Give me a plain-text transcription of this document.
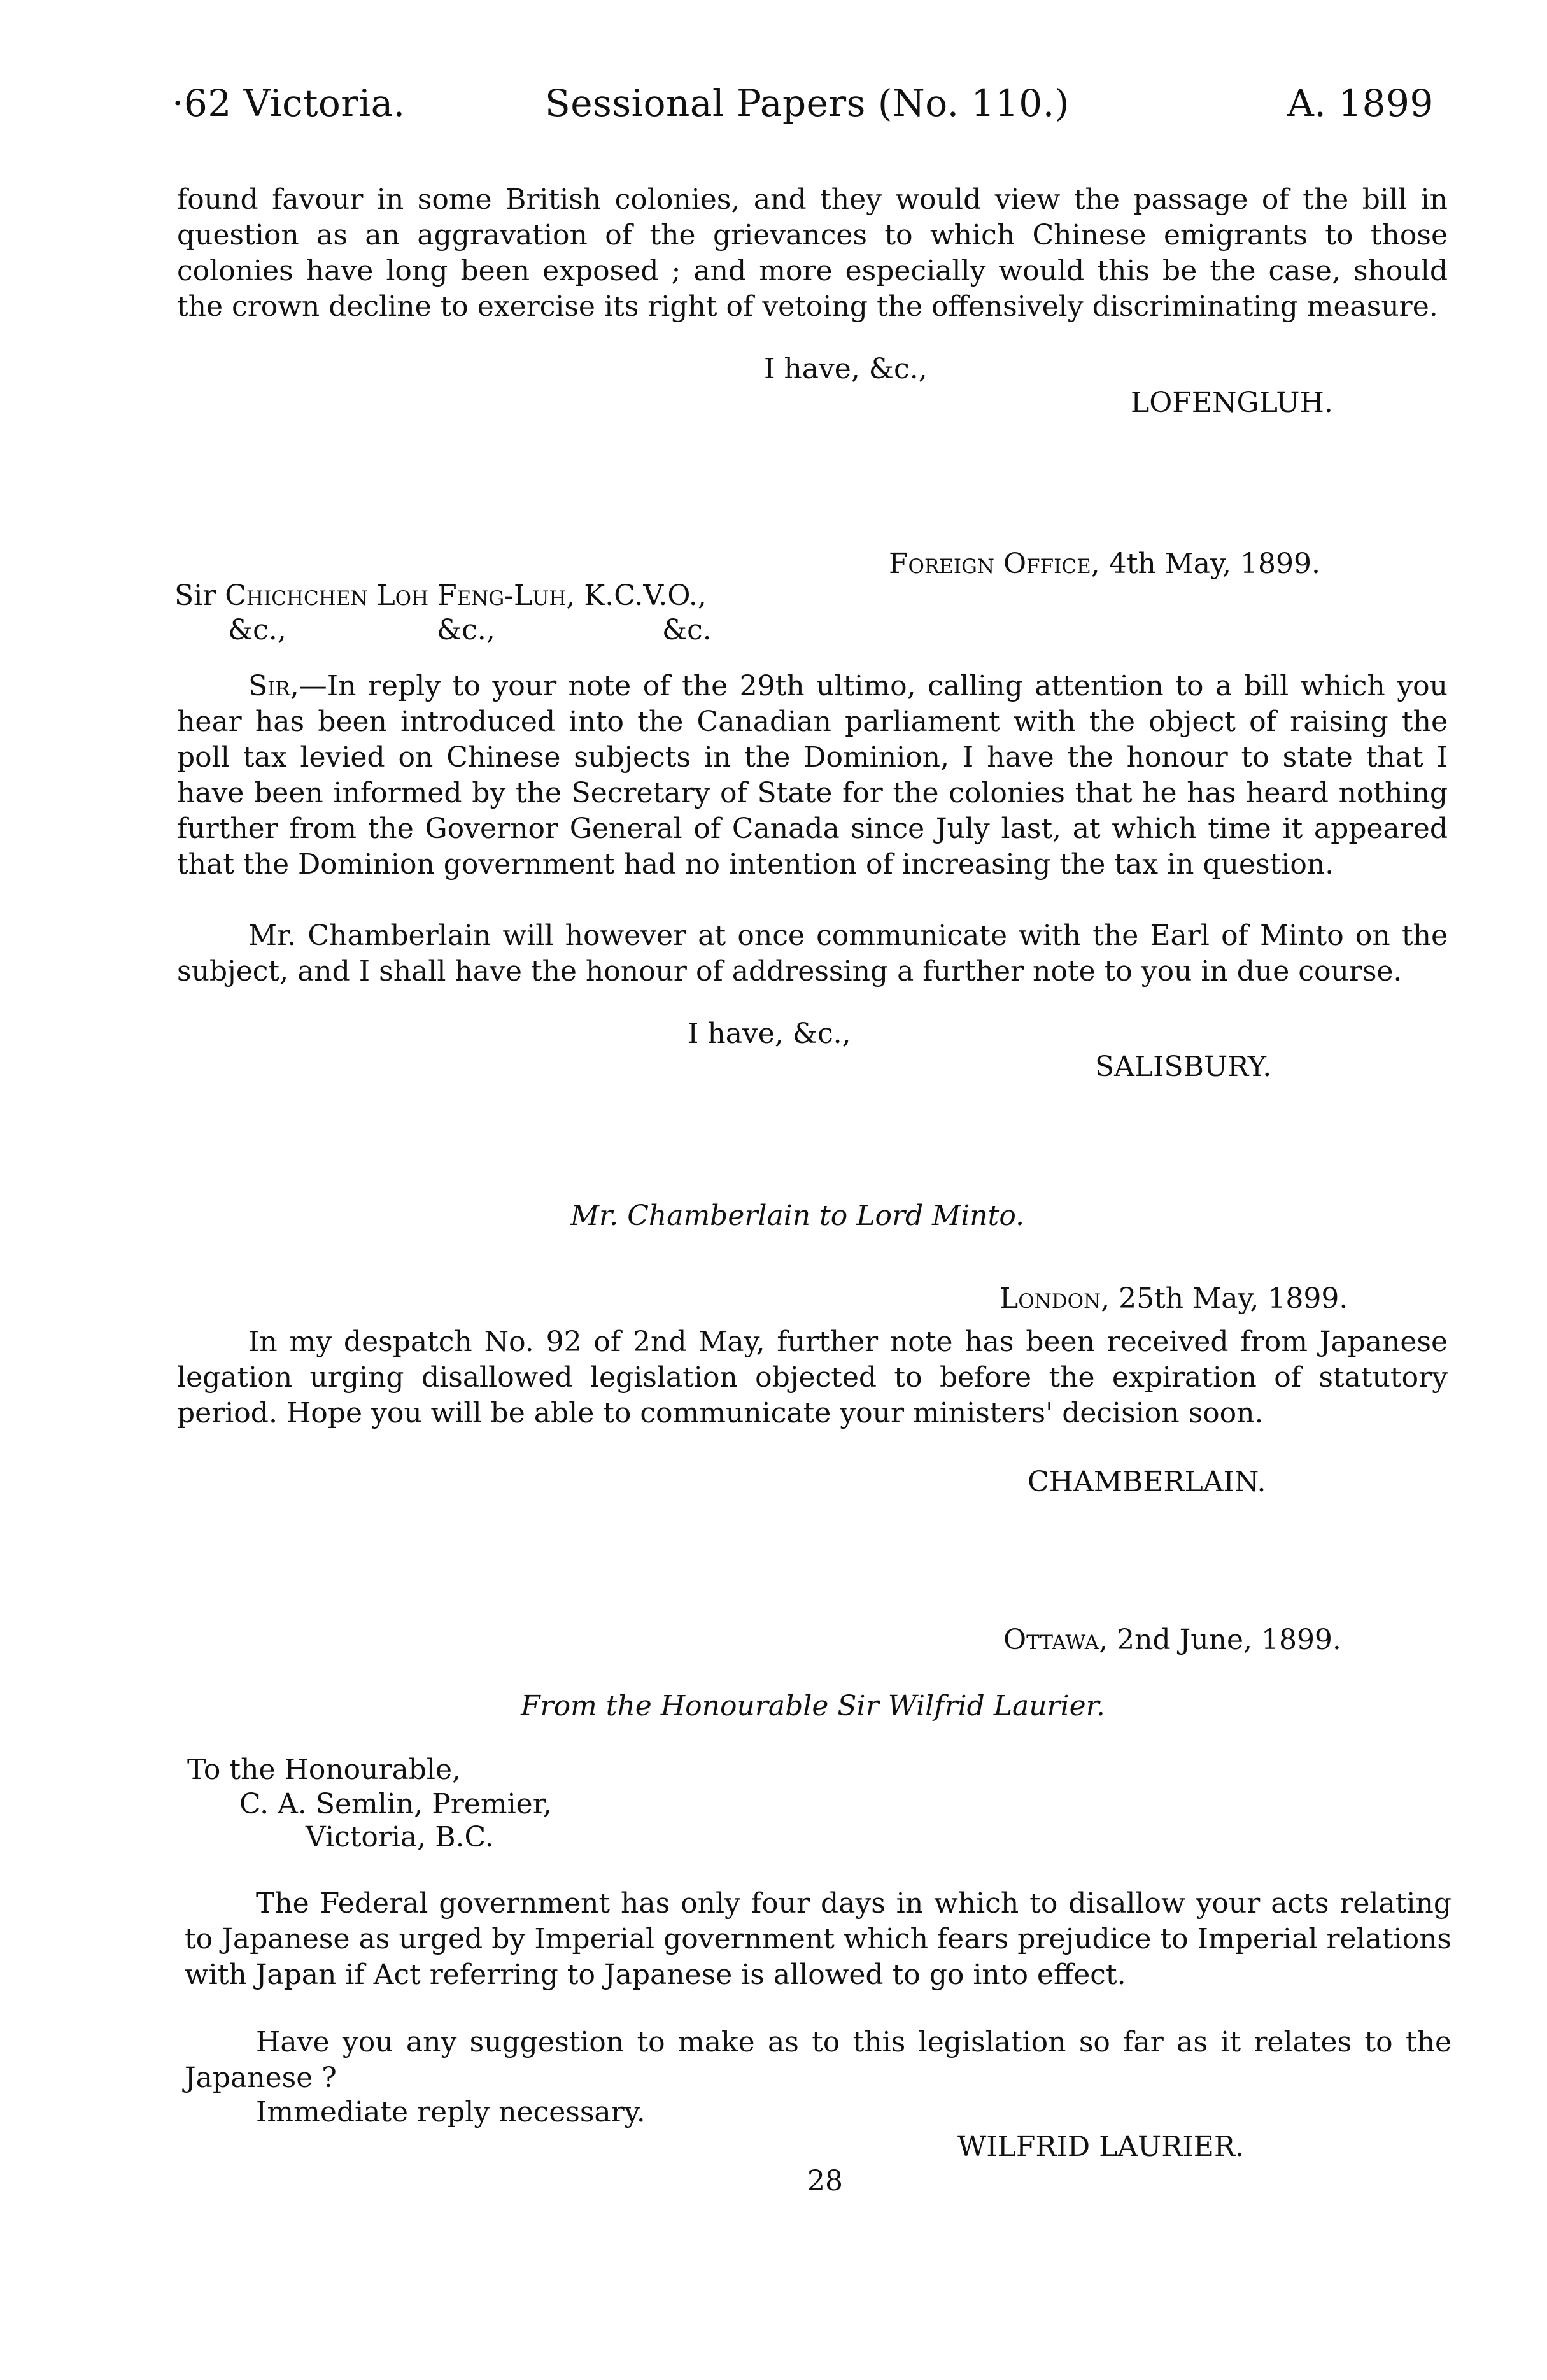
·62 Victoria.	Sessional Papers (No. 110.)	A. 1899
found favour in some British colonies, and they would view the passage of the bill in question as an aggravation of the grievances to which Chinese emigrants to those colonies have long been exposed ; and more especially would this be the case, should the crown decline to exercise its right of vetoing the offensively discriminating measure.
I have, &c.,
LOFENGLUH.
Foreign Office, 4th May, 1899.
Sir Chichchen Loh Feng-Luh, K.C.V.O.,
&c.,	&c.,	&c.
Sir,—In reply to your note of the 29th ultimo, calling attention to a bill which you hear has been introduced into the Canadian parliament with the object of raising the poll tax levied on Chinese subjects in the Dominion, I have the honour to state that I have been informed by the Secretary of State for the colonies that he has heard nothing further from the Governor General of Canada since July last, at which time it appeared that the Dominion government had no intention of increasing the tax in question.
Mr. Chamberlain will however at once communicate with the Earl of Minto on the subject, and I shall have the honour of addressing a further note to you in due course.
I have, &c.,
SALISBURY.
Mr. Chamberlain to Lord Minto.
London, 25th May, 1899.
In my despatch No. 92 of 2nd May, further note has been received from Japanese legation urging disallowed legislation objected to before the expiration of statutory period. Hope you will be able to communicate your ministers' decision soon.
CHAMBERLAIN.
Ottawa, 2nd June, 1899.
From the Honourable Sir Wilfrid Laurier.
To the Honourable,
C. A. Semlin, Premier,
Victoria, B.C.
The Federal government has only four days in which to disallow your acts relating to Japanese as urged by Imperial government which fears prejudice to Imperial relations with Japan if Act referring to Japanese is allowed to go into effect.
Have you any suggestion to make as to this legislation so far as it relates to the Japanese ?
Immediate reply necessary.
WILFRID LAURIER.
28
